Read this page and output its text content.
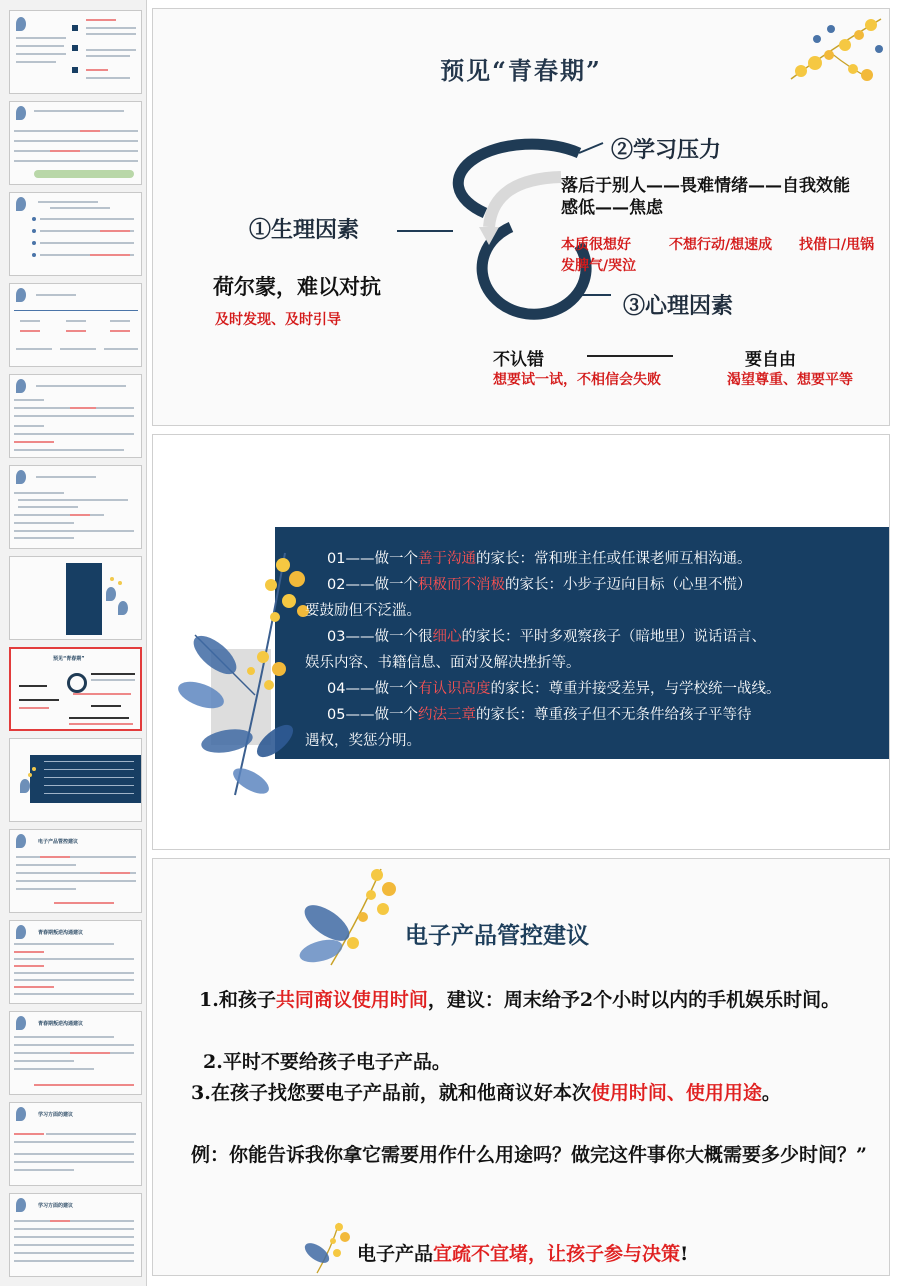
预见“青春期”
电子产品管控建议
青春期叛逆沟通建议
青春期叛逆沟通建议
学习方面的建议
学习方面的建议
预见“青春期”
①生理因素
荷尔蒙，难以对抗
及时发现、及时引导
②学习压力
落后于别人——畏难情绪——自我效能
感低——焦虑
本质很想好	不想行动/想速成 找借口/甩锅
发脾气/哭泣
③心理因素
不认错	要自由
想要试一试，不相信会失败	渴望尊重、想要平等
01——做一个善于沟通的家长：常和班主任或任课老师互相沟通。
02——做一个积极而不消极的家长：小步子迈向目标（心里不慌）
要鼓励但不泛滥。
03——做一个很细心的家长：平时多观察孩子（暗地里）说话语言、
娱乐内容、书籍信息、面对及解决挫折等。
04——做一个有认识高度的家长：尊重并接受差异，与学校统一战线。
05——做一个约法三章的家长：尊重孩子但不无条件给孩子平等待
遇权，奖惩分明。
电子产品管控建议
1.和孩子共同商议使用时间，建议：周末给予2个小时以内的手机娱乐时间。
2.平时不要给孩子电子产品。
3.在孩子找您要电子产品前，就和他商议好本次使用时间、使用用途。
例：你能告诉我你拿它需要用作什么用途吗？做完这件事你大概需要多少时间？”
电子产品宜疏不宜堵，让孩子参与决策!
